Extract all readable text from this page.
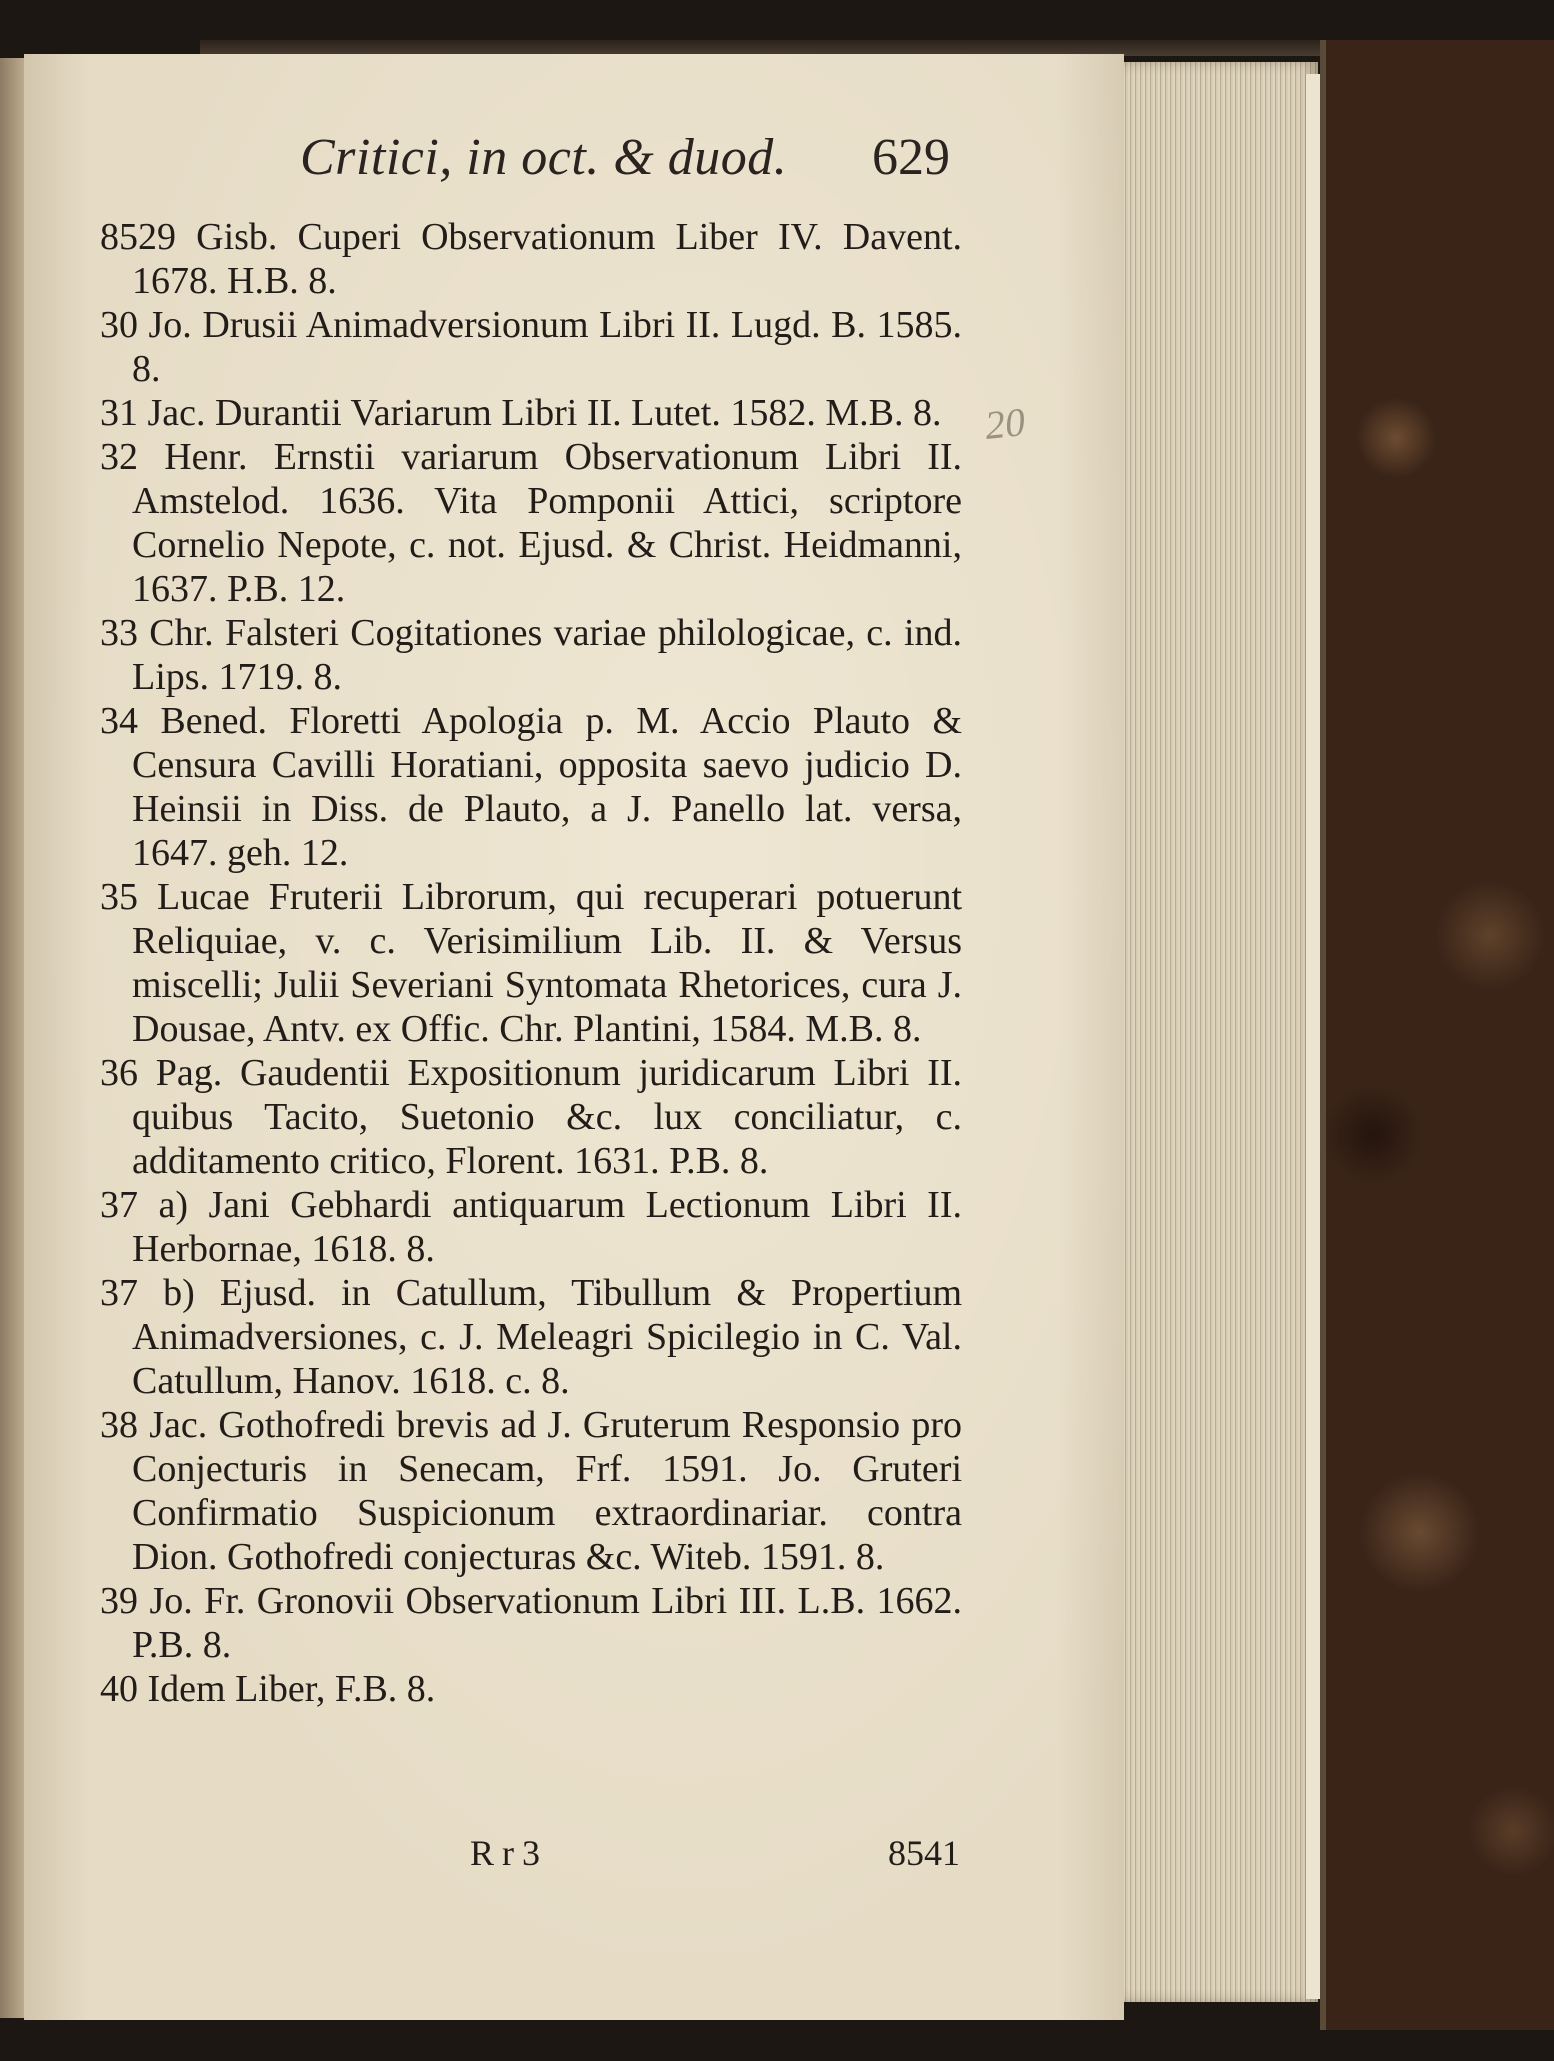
Critici, in oct. & duod. 629
20

8529 Gisb. Cuperi Observationum Liber IV. Davent. 1678. H.B. 8.

30 Jo. Drusii Animadversionum Libri II. Lugd. B. 1585. 8.

31 Jac. Durantii Variarum Libri II. Lutet. 1582. M.B. 8.

32 Henr. Ernstii variarum Observationum Libri II. Amstelod. 1636. Vita Pomponii Attici, scriptore Cornelio Nepote, c. not. Ejusd. & Christ. Heidmanni, 1637. P.B. 12.

33 Chr. Falsteri Cogitationes variae philologicae, c. ind. Lips. 1719. 8.

34 Bened. Floretti Apologia p. M. Accio Plauto & Censura Cavilli Horatiani, opposita saevo judicio D. Heinsii in Diss. de Plauto, a J. Panello lat. versa, 1647. geh. 12.

35 Lucae Fruterii Librorum, qui recuperari potuerunt Reliquiae, v. c. Verisimilium Lib. II. & Versus miscelli; Julii Severiani Syntomata Rhetorices, cura J. Dousae, Antv. ex Offic. Chr. Plantini, 1584. M.B. 8.

36 Pag. Gaudentii Expositionum juridicarum Libri II. quibus Tacito, Suetonio &c. lux conciliatur, c. additamento critico, Florent. 1631. P.B. 8.

37 a) Jani Gebhardi antiquarum Lectionum Libri II. Herbornae, 1618. 8.

37 b) Ejusd. in Catullum, Tibullum & Propertium Animadversiones, c. J. Meleagri Spicilegio in C. Val. Catullum, Hanov. 1618. c. 8.

38 Jac. Gothofredi brevis ad J. Gruterum Responsio pro Conjecturis in Senecam, Frf. 1591. Jo. Gruteri Confirmatio Suspicionum extraordinariar. contra Dion. Gothofredi conjecturas &c. Witeb. 1591. 8.

39 Jo. Fr. Gronovii Observationum Libri III. L.B. 1662. P.B. 8.

40 Idem Liber, F.B. 8.

Rr3	8541
